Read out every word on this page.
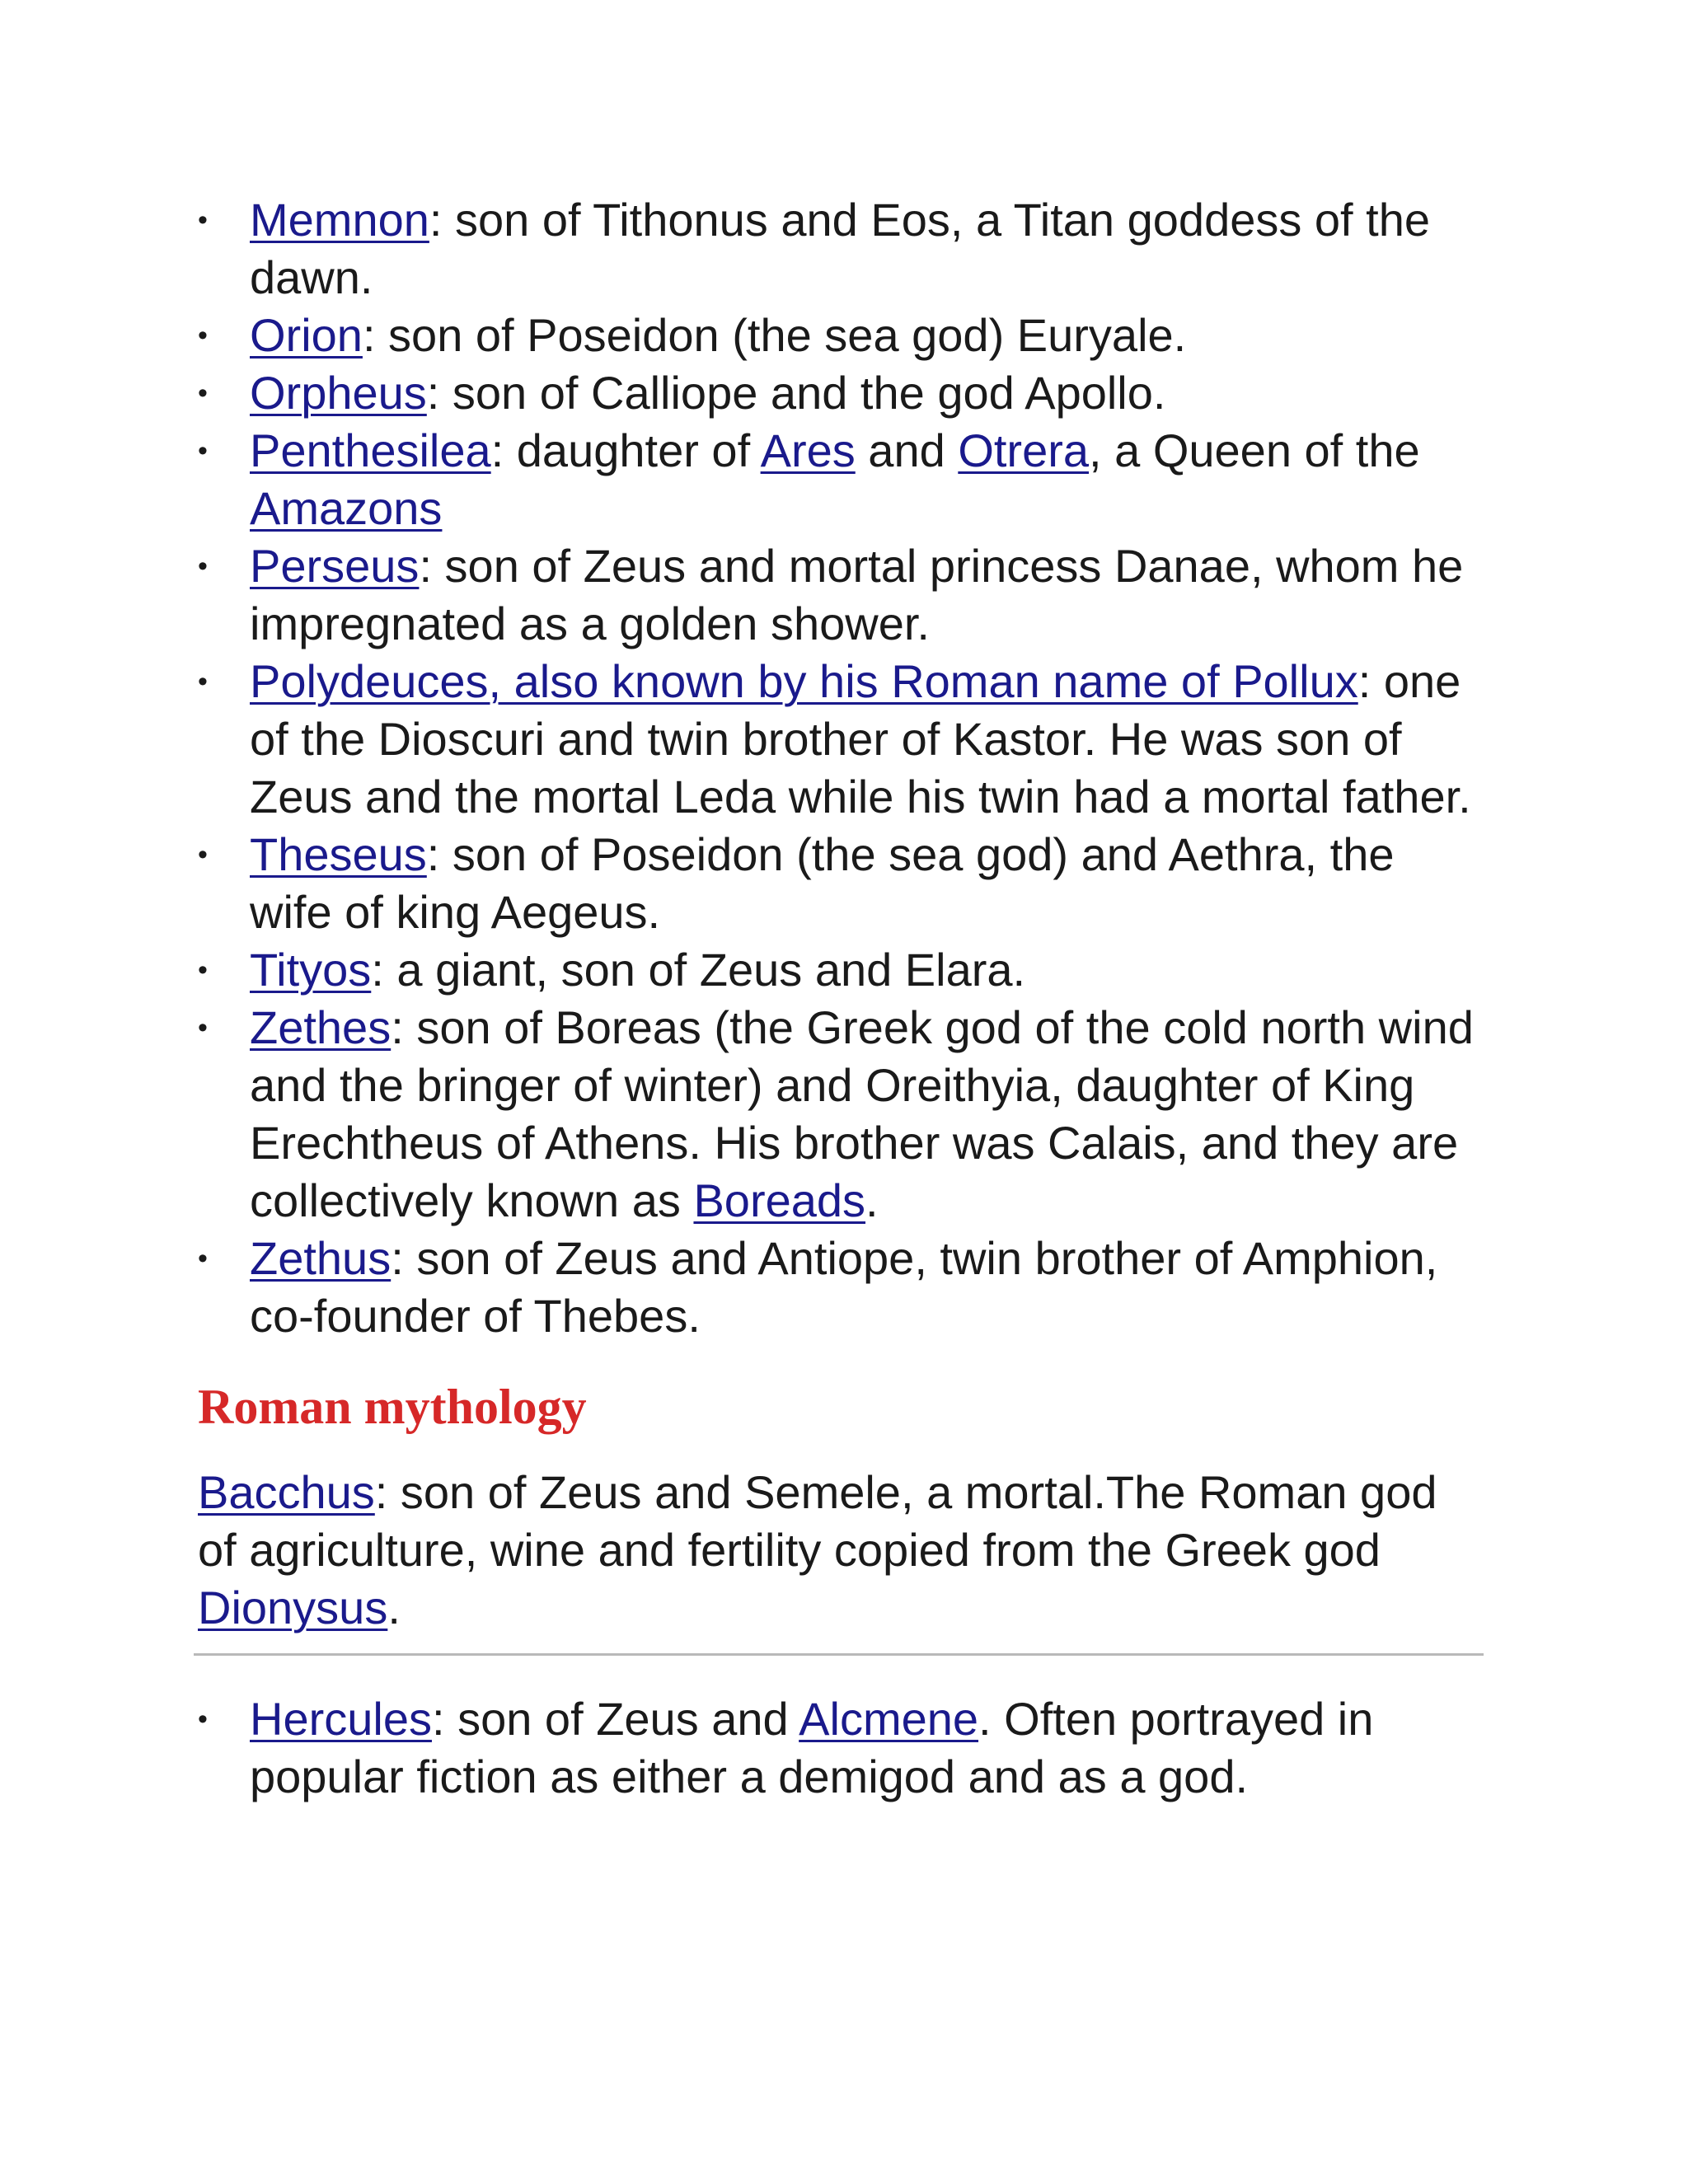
• Memnon: son of Tithonus and Eos, a Titan goddess of the dawn.
• Orion: son of Poseidon (the sea god) Euryale.
• Orpheus: son of Calliope and the god Apollo.
• Penthesilea: daughter of Ares and Otrera, a Queen of the Amazons
• Perseus: son of Zeus and mortal princess Danae, whom he impregnated as a golden shower.
• Polydeuces, also known by his Roman name of Pollux: one of the Dioscuri and twin brother of Kastor. He was son of Zeus and the mortal Leda while his twin had a mortal father.
• Theseus: son of Poseidon (the sea god) and Aethra, the wife of king Aegeus.
• Tityos: a giant, son of Zeus and Elara.
• Zethes: son of Boreas (the Greek god of the cold north wind and the bringer of winter) and Oreithyia, daughter of King Erechtheus of Athens. His brother was Calais, and they are collectively known as Boreads.
• Zethus: son of Zeus and Antiope, twin brother of Amphion, co-founder of Thebes.
Roman mythology

Bacchus: son of Zeus and Semele, a mortal.The Roman god of agriculture, wine and fertility copied from the Greek god Dionysus.

• Hercules: son of Zeus and Alcmene. Often portrayed in popular fiction as either a demigod and as a god.
